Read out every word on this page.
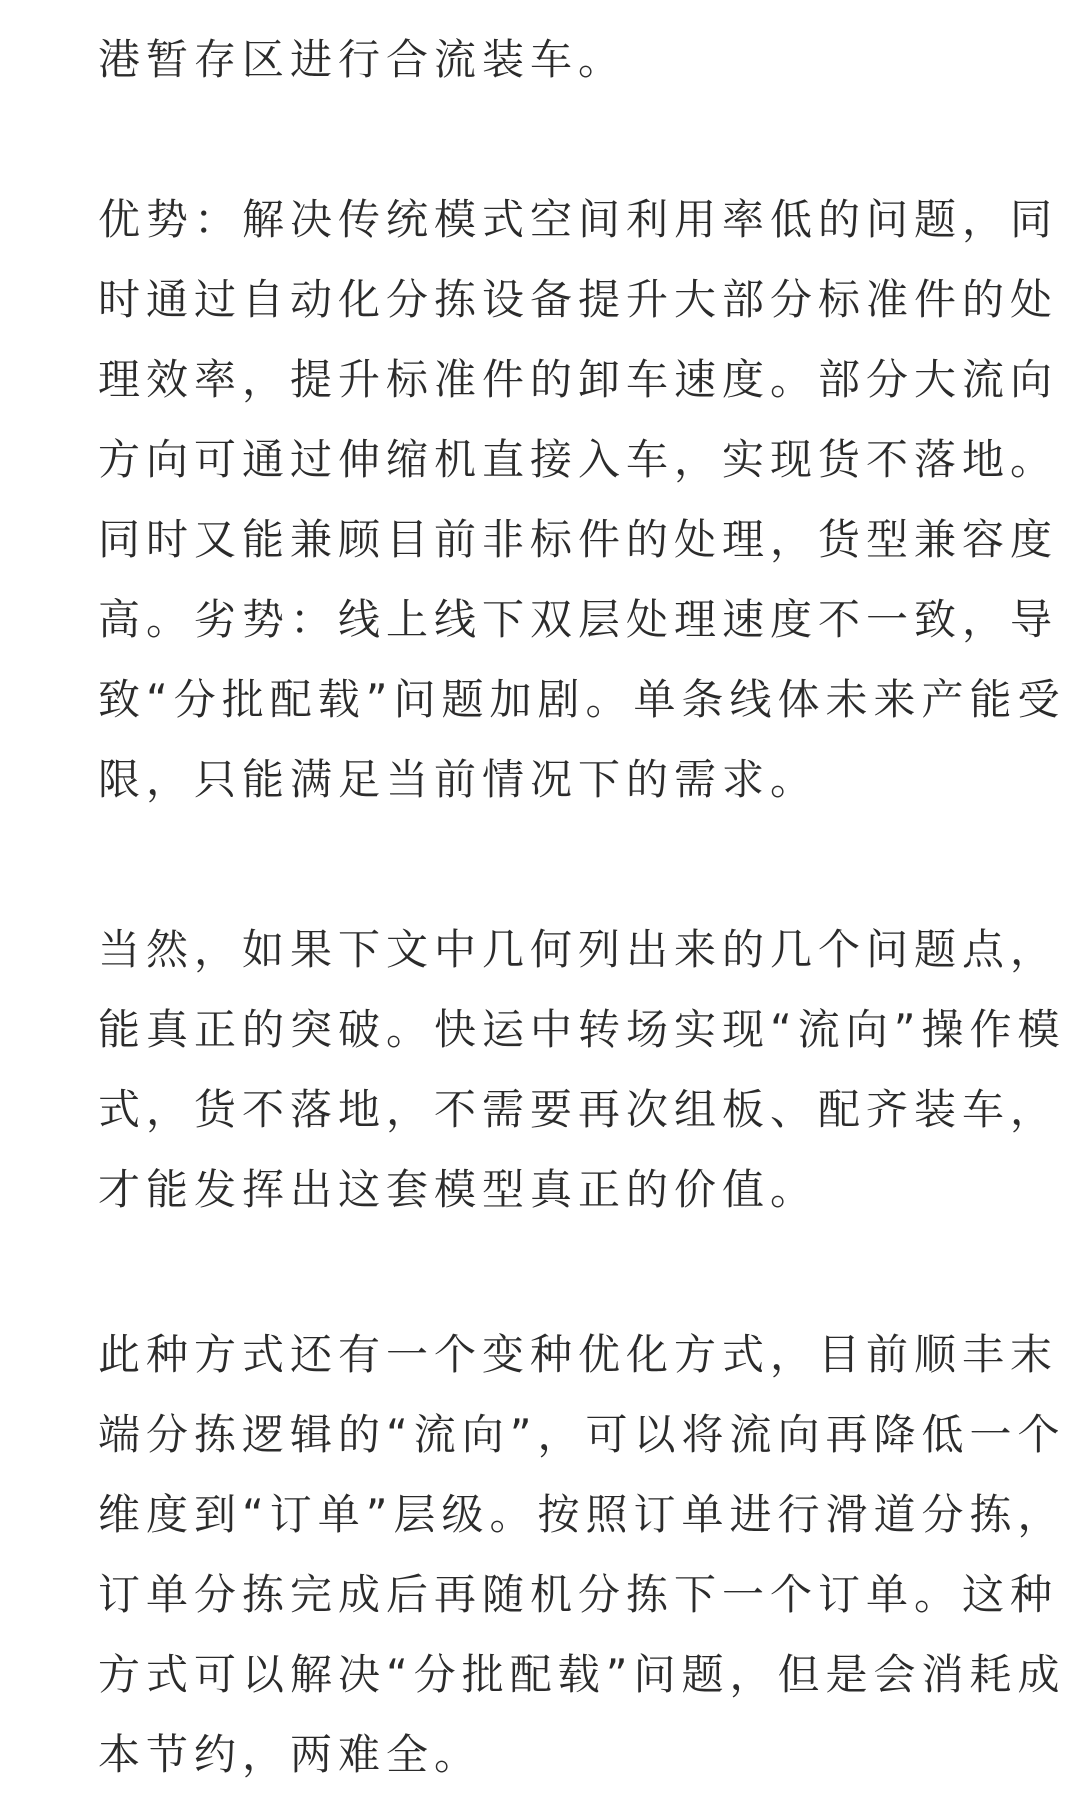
港暂存区进行合流装车。
优势：解决传统模式空间利用率低的问题，同
时通过自动化分拣设备提升大部分标准件的处
理效率，提升标准件的卸车速度。部分大流向
方向可通过伸缩机直接入车，实现货不落地。
同时又能兼顾目前非标件的处理，货型兼容度
高。劣势：线上线下双层处理速度不一致，导
致“分批配载”问题加剧。单条线体未来产能受
限，只能满足当前情况下的需求。
当然，如果下文中几何列出来的几个问题点，
能真正的突破。快运中转场实现“流向”操作模
式，货不落地，不需要再次组板、配齐装车，
才能发挥出这套模型真正的价值。
此种方式还有一个变种优化方式，目前顺丰末
端分拣逻辑的“流向”，可以将流向再降低一个
维度到“订单”层级。按照订单进行滑道分拣，
订单分拣完成后再随机分拣下一个订单。这种
方式可以解决“分批配载”问题，但是会消耗成
本节约，两难全。
